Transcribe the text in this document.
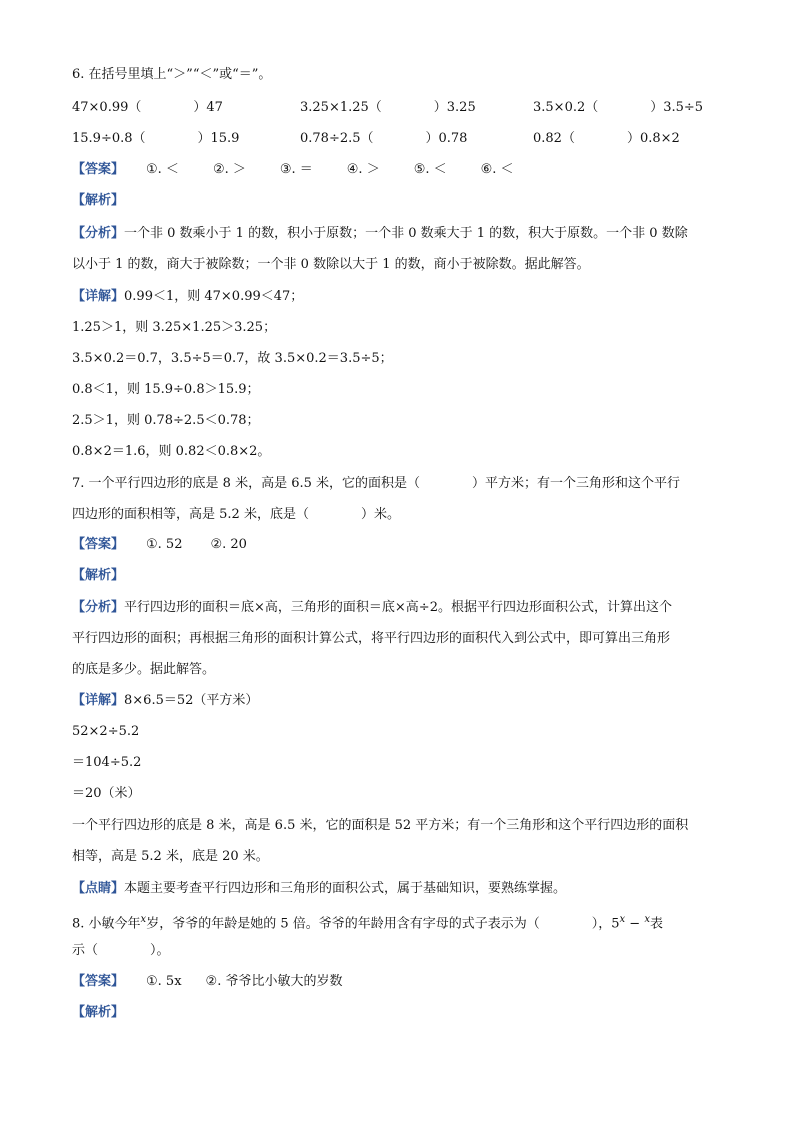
6. 在括号里填上“＞”“＜”或“＝”。
47×0.99（　　　　）47	3.25×1.25（　　　　）3.25	3.5×0.2（　　　　）3.5÷5
15.9÷0.8（　　　　）15.9	0.78÷2.5（　　　　）0.78	0.82（　　　　）0.8×2
【答案】 ①. ＜	②. ＞	③. ＝	④. ＞	⑤. ＜	⑥. ＜
【解析】
【分析】一个非 0 数乘小于 1 的数，积小于原数；一个非 0 数乘大于 1 的数，积大于原数。一个非 0 数除
以小于 1 的数，商大于被除数；一个非 0 数除以大于 1 的数，商小于被除数。据此解答。
【详解】0.99＜1，则 47×0.99＜47；
1.25＞1，则 3.25×1.25＞3.25；
3.5×0.2＝0.7，3.5÷5＝0.7，故 3.5×0.2＝3.5÷5；
0.8＜1，则 15.9÷0.8＞15.9；
2.5＞1，则 0.78÷2.5＜0.78；
0.8×2＝1.6，则 0.82＜0.8×2。
7. 一个平行四边形的底是 8 米，高是 6.5 米，它的面积是（　　　　）平方米；有一个三角形和这个平行
四边形的面积相等，高是 5.2 米，底是（　　　　）米。
【答案】 ①. 52 ②. 20
【解析】
【分析】平行四边形的面积＝底×高，三角形的面积＝底×高÷2。根据平行四边形面积公式，计算出这个
平行四边形的面积；再根据三角形的面积计算公式，将平行四边形的面积代入到公式中，即可算出三角形
的底是多少。据此解答。
【详解】8×6.5＝52（平方米）
52×2÷5.2
＝104÷5.2
＝20（米）
一个平行四边形的底是 8 米，高是 6.5 米，它的面积是 52 平方米；有一个三角形和这个平行四边形的面积
相等，高是 5.2 米，底是 20 米。
【点睛】本题主要考查平行四边形和三角形的面积公式，属于基础知识，要熟练掌握。
8. 小敏今年$^x$岁，爷爷的年龄是她的 5 倍。爷爷的年龄用含有字母的式子表示为（　　　　），$5^x - ^x$表
示（　　　　）。
【答案】 ①. 5x ②. 爷爷比小敏大的岁数
【解析】
